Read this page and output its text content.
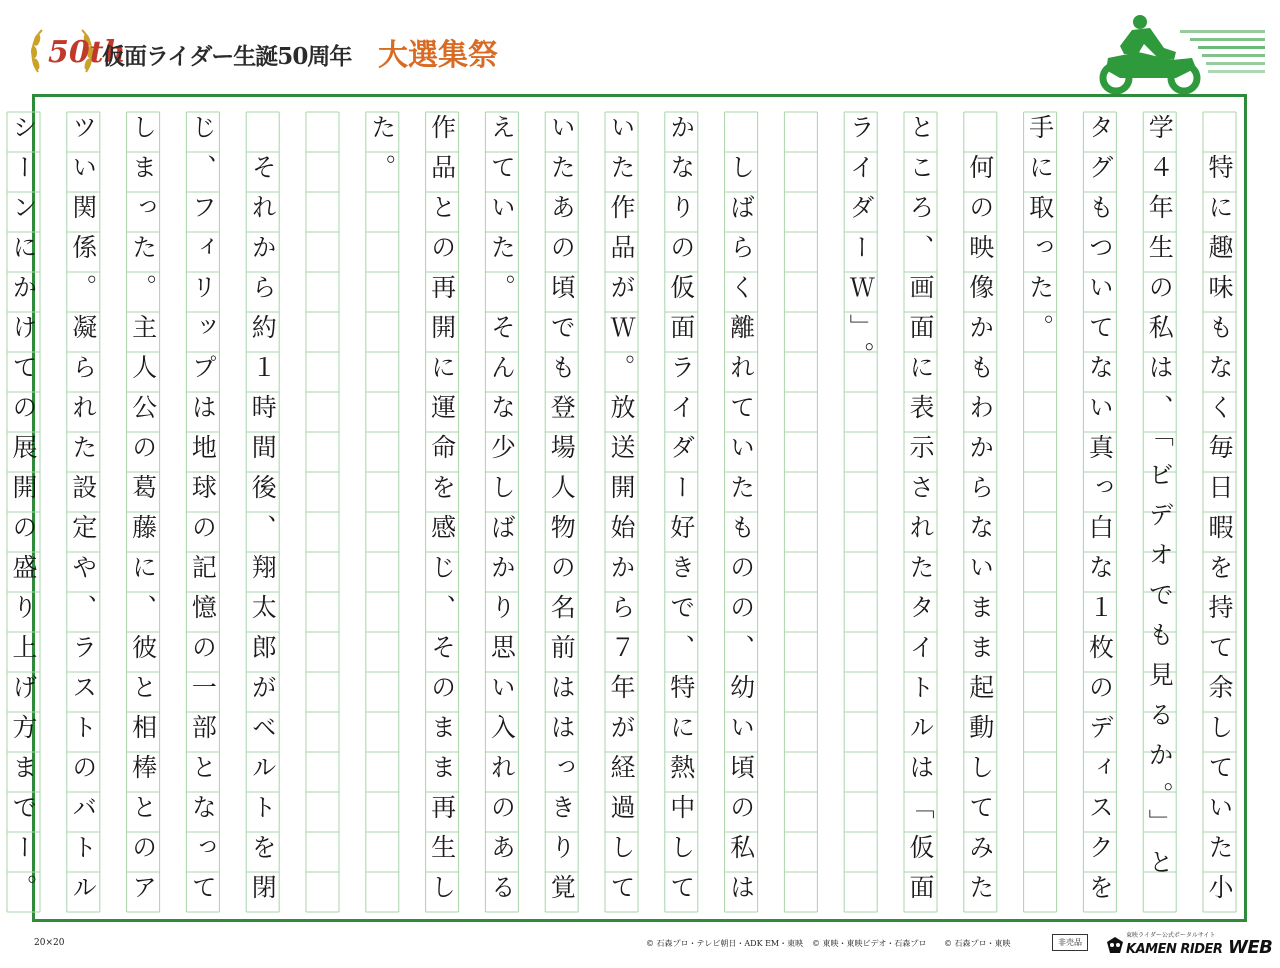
50th
仮面ライダー生誕50周年 大選集祭
　特に趣味もなく毎日暇を持て余していた小
学４年生の私は、「ビデオでも見るか。」と
タグもついてない真っ白な１枚のディスクを
手に取った。
　何の映像かもわからないまま起動してみた
ところ、画面に表示されたタイトルは「仮面
ライダーＷ」。
　しばらく離れていたものの、幼い頃の私は
かなりの仮面ライダー好きで、特に熱中して
いた作品がＷ。放送開始から７年が経過して
いたあの頃でも登場人物の名前ははっきり覚
えていた。そんな少しばかり思い入れのある
作品との再開に運命を感じ、そのまま再生し
た。
　それから約１時間後、翔太郎がベルトを閉
じ、フィリップは地球の記憶の一部となって
しまった。主人公の葛藤に、彼と相棒とのア
ツい関係。凝られた設定や、ラストのバトル
シーンにかけての展開の盛り上げ方までー。
20×20	© 石森プロ・テレビ朝日・ADK EM・東映 © 東映・東映ビデオ・石森プロ © 石森プロ・東映	非売品
東映ライダー公式ポータルサイト
KAMEN RIDER WEB
